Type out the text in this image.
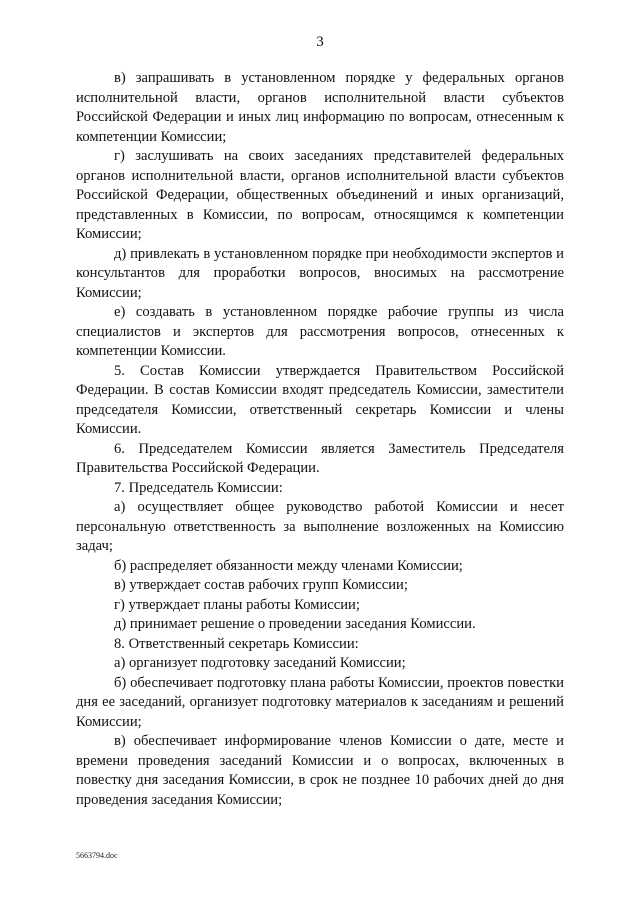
3

в) запрашивать в установленном порядке у федеральных органов исполнительной власти, органов исполнительной власти субъектов Российской Федерации и иных лиц информацию по вопросам, отнесенным к компетенции Комиссии;

г) заслушивать на своих заседаниях представителей федеральных органов исполнительной власти, органов исполнительной власти субъектов Российской Федерации, общественных объединений и иных организаций, представленных в Комиссии, по вопросам, относящимся к компетенции Комиссии;

д) привлекать в установленном порядке при необходимости экспертов и консультантов для проработки вопросов, вносимых на рассмотрение Комиссии;

е) создавать в установленном порядке рабочие группы из числа специалистов и экспертов для рассмотрения вопросов, отнесенных к компетенции Комиссии.

5. Состав Комиссии утверждается Правительством Российской Федерации. В состав Комиссии входят председатель Комиссии, заместители председателя Комиссии, ответственный секретарь Комиссии и члены Комиссии.

6. Председателем Комиссии является Заместитель Председателя Правительства Российской Федерации.

7. Председатель Комиссии:

а) осуществляет общее руководство работой Комиссии и несет персональную ответственность за выполнение возложенных на Комиссию задач;

б) распределяет обязанности между членами Комиссии;

в) утверждает состав рабочих групп Комиссии;

г) утверждает планы работы Комиссии;

д) принимает решение о проведении заседания Комиссии.

8. Ответственный секретарь Комиссии:

а) организует подготовку заседаний Комиссии;

б) обеспечивает подготовку плана работы Комиссии, проектов повестки дня ее заседаний, организует подготовку материалов к заседаниям и решений Комиссии;

в) обеспечивает информирование членов Комиссии о дате, месте и времени проведения заседаний Комиссии и о вопросах, включенных в повестку дня заседания Комиссии, в срок не позднее 10 рабочих дней до дня проведения заседания Комиссии;

5663794.doc
